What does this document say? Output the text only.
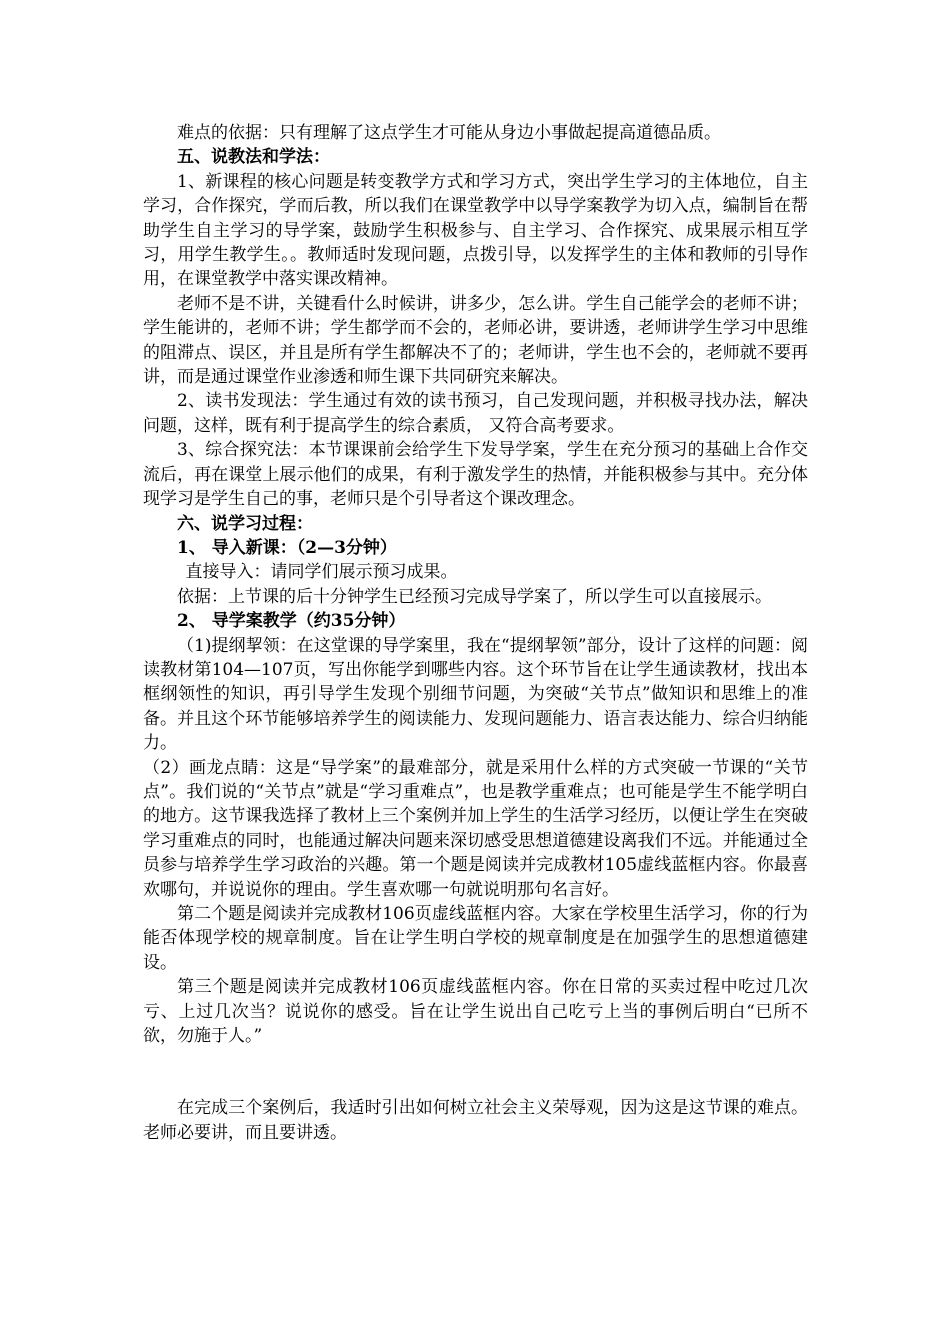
难点的依据：只有理解了这点学生才可能从身边小事做起提高道德品质。

五、说教法和学法：

1、新课程的核心问题是转变教学方式和学习方式，突出学生学习的主体地位，自主学习，合作探究，学而后教，所以我们在课堂教学中以导学案教学为切入点，编制旨在帮助学生自主学习的导学案，鼓励学生积极参与、自主学习、合作探究、成果展示相互学习，用学生教学生。。教师适时发现问题，点拨引导，以发挥学生的主体和教师的引导作用，在课堂教学中落实课改精神。

老师不是不讲，关键看什么时候讲，讲多少，怎么讲。学生自己能学会的老师不讲；学生能讲的，老师不讲；学生都学而不会的，老师必讲，要讲透，老师讲学生学习中思维的阻滞点、误区，并且是所有学生都解决不了的；老师讲，学生也不会的，老师就不要再讲，而是通过课堂作业渗透和师生课下共同研究来解决。

2、读书发现法：学生通过有效的读书预习，自己发现问题，并积极寻找办法，解决问题，这样，既有利于提高学生的综合素质， 又符合高考要求。

3、综合探究法：本节课课前会给学生下发导学案，学生在充分预习的基础上合作交流后，再在课堂上展示他们的成果，有利于激发学生的热情，并能积极参与其中。充分体现学习是学生自己的事，老师只是个引导者这个课改理念。

六、说学习过程：

1、 导入新课：（2—3分钟）

直接导入：请同学们展示预习成果。

依据：上节课的后十分钟学生已经预习完成导学案了，所以学生可以直接展示。

2、 导学案教学（约35分钟）

（1)提纲挈领：在这堂课的导学案里，我在“提纲挈领”部分，设计了这样的问题：阅读教材第104—107页，写出你能学到哪些内容。这个环节旨在让学生通读教材，找出本框纲领性的知识，再引导学生发现个别细节问题，为突破“关节点”做知识和思维上的准备。并且这个环节能够培养学生的阅读能力、发现问题能力、语言表达能力、综合归纳能力。

（2）画龙点睛：这是“导学案”的最难部分，就是采用什么样的方式突破一节课的“关节点”。我们说的“关节点”就是“学习重难点”，也是教学重难点；也可能是学生不能学明白的地方。这节课我选择了教材上三个案例并加上学生的生活学习经历，以便让学生在突破学习重难点的同时，也能通过解决问题来深切感受思想道德建设离我们不远。并能通过全员参与培养学生学习政治的兴趣。第一个题是阅读并完成教材105虚线蓝框内容。你最喜欢哪句，并说说你的理由。学生喜欢哪一句就说明那句名言好。

第二个题是阅读并完成教材106页虚线蓝框内容。大家在学校里生活学习，你的行为能否体现学校的规章制度。旨在让学生明白学校的规章制度是在加强学生的思想道德建设。

第三个题是阅读并完成教材106页虚线蓝框内容。你在日常的买卖过程中吃过几次亏、上过几次当？说说你的感受。旨在让学生说出自己吃亏上当的事例后明白“已所不欲，勿施于人。”

在完成三个案例后，我适时引出如何树立社会主义荣辱观，因为这是这节课的难点。老师必要讲，而且要讲透。
